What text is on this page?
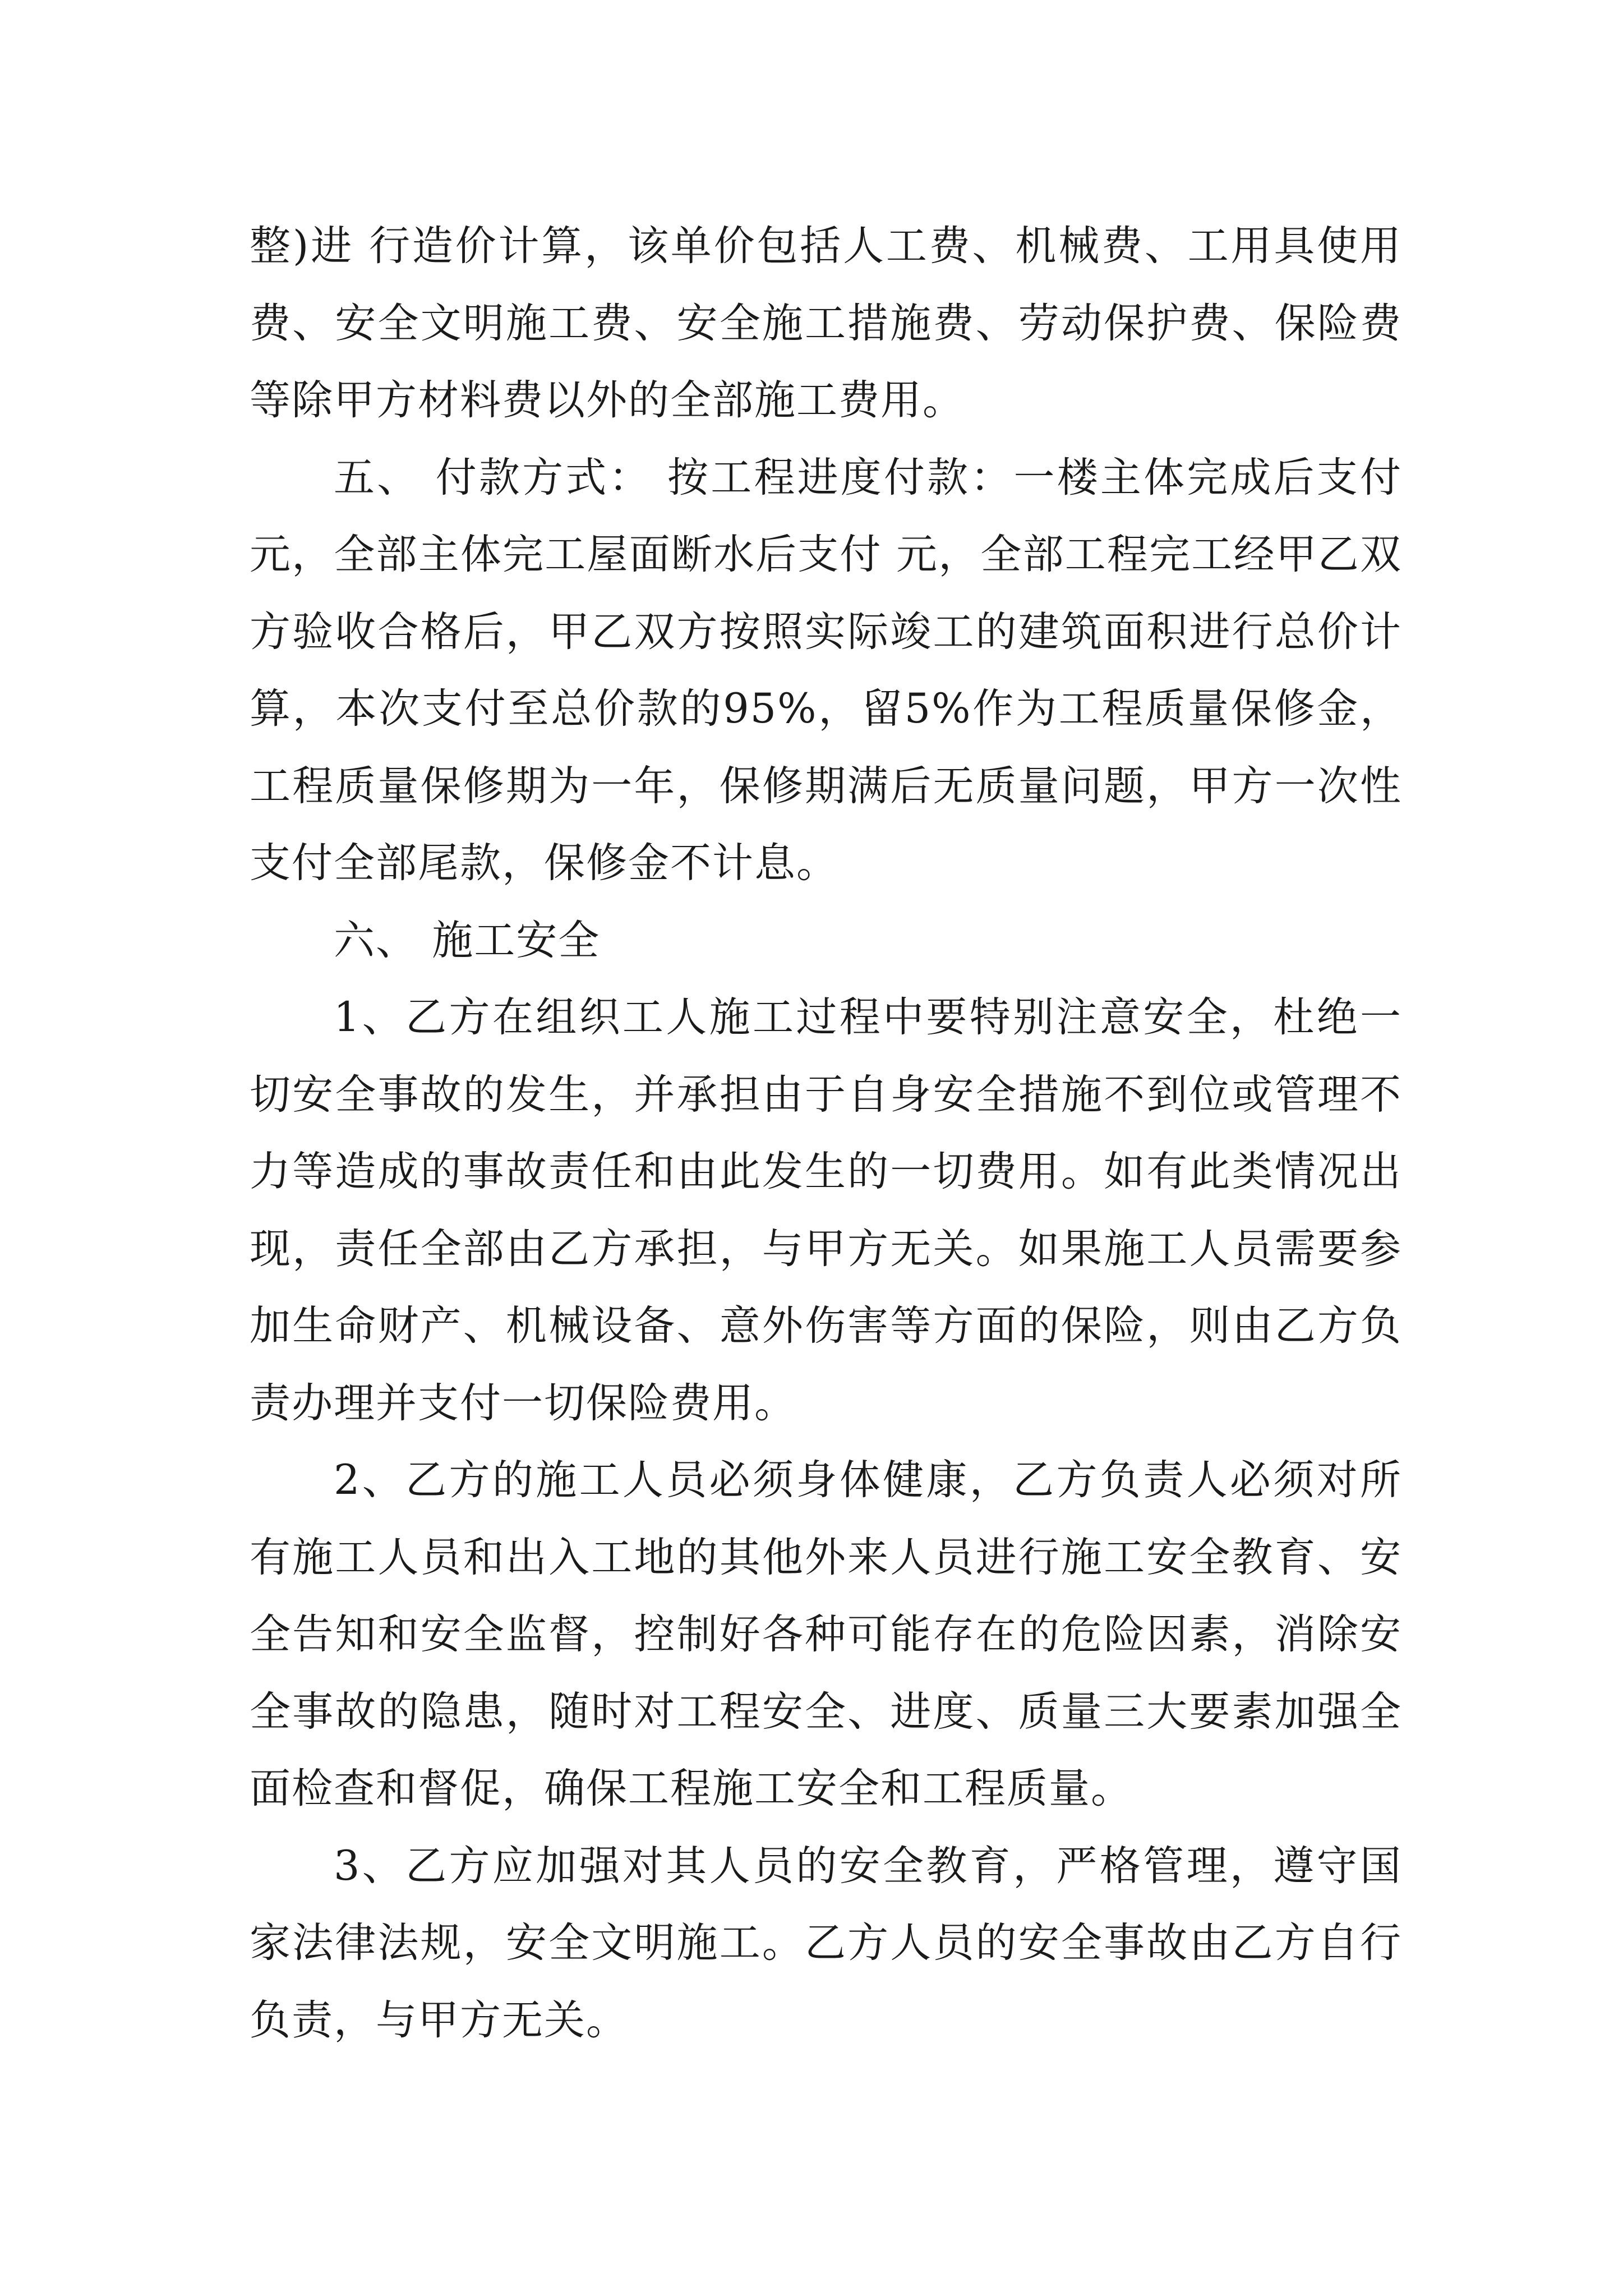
整)进 行造价计算，该单价包括人工费、机械费、工用具使用费、安全文明施工费、安全施工措施费、劳动保护费、保险费等除甲方材料费以外的全部施工费用。

五、 付款方式： 按工程进度付款：一楼主体完成后支付 元，全部主体完工屋面断水后支付 元，全部工程完工经甲乙双方验收合格后，甲乙双方按照实际竣工的建筑面积进行总价计算，本次支付至总价款的95%，留5%作为工程质量保修金，工程质量保修期为一年，保修期满后无质量问题，甲方一次性支付全部尾款，保修金不计息。

六、 施工安全

1、乙方在组织工人施工过程中要特别注意安全，杜绝一切安全事故的发生，并承担由于自身安全措施不到位或管理不力等造成的事故责任和由此发生的一切费用。如有此类情况出现，责任全部由乙方承担，与甲方无关。如果施工人员需要参加生命财产、机械设备、意外伤害等方面的保险，则由乙方负责办理并支付一切保险费用。

2、乙方的施工人员必须身体健康，乙方负责人必须对所有施工人员和出入工地的其他外来人员进行施工安全教育、安全告知和安全监督，控制好各种可能存在的危险因素，消除安全事故的隐患，随时对工程安全、进度、质量三大要素加强全面检查和督促，确保工程施工安全和工程质量。

3、乙方应加强对其人员的安全教育，严格管理，遵守国家法律法规，安全文明施工。乙方人员的安全事故由乙方自行负责，与甲方无关。
